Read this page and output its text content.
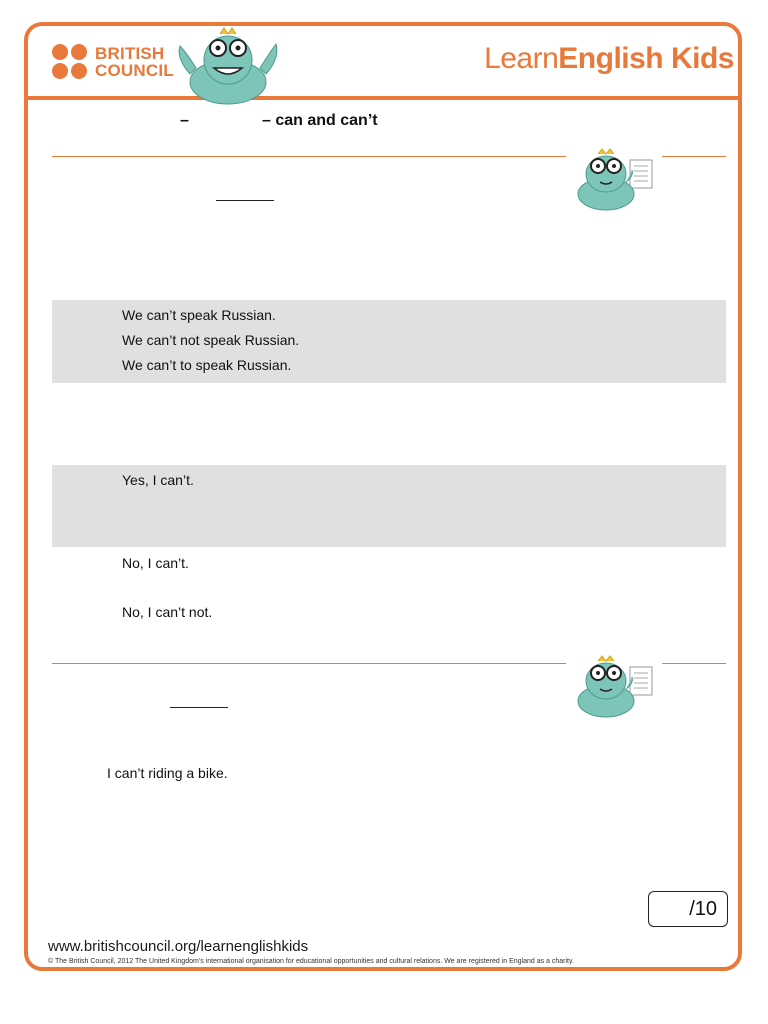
BRITISH
COUNCIL	LearnEnglish Kids
–	– can and can’t
We can’t speak Russian.
We can’t not speak Russian.
We can’t to speak Russian.
Yes, I can’t.
No, I can’t.
No, I can’t not.
I can’t riding a bike.
/10
www.britishcouncil.org/learnenglishkids
© The British Council, 2012 The United Kingdom’s international organisation for educational opportunities and cultural relations. We are registered in England as a charity.
